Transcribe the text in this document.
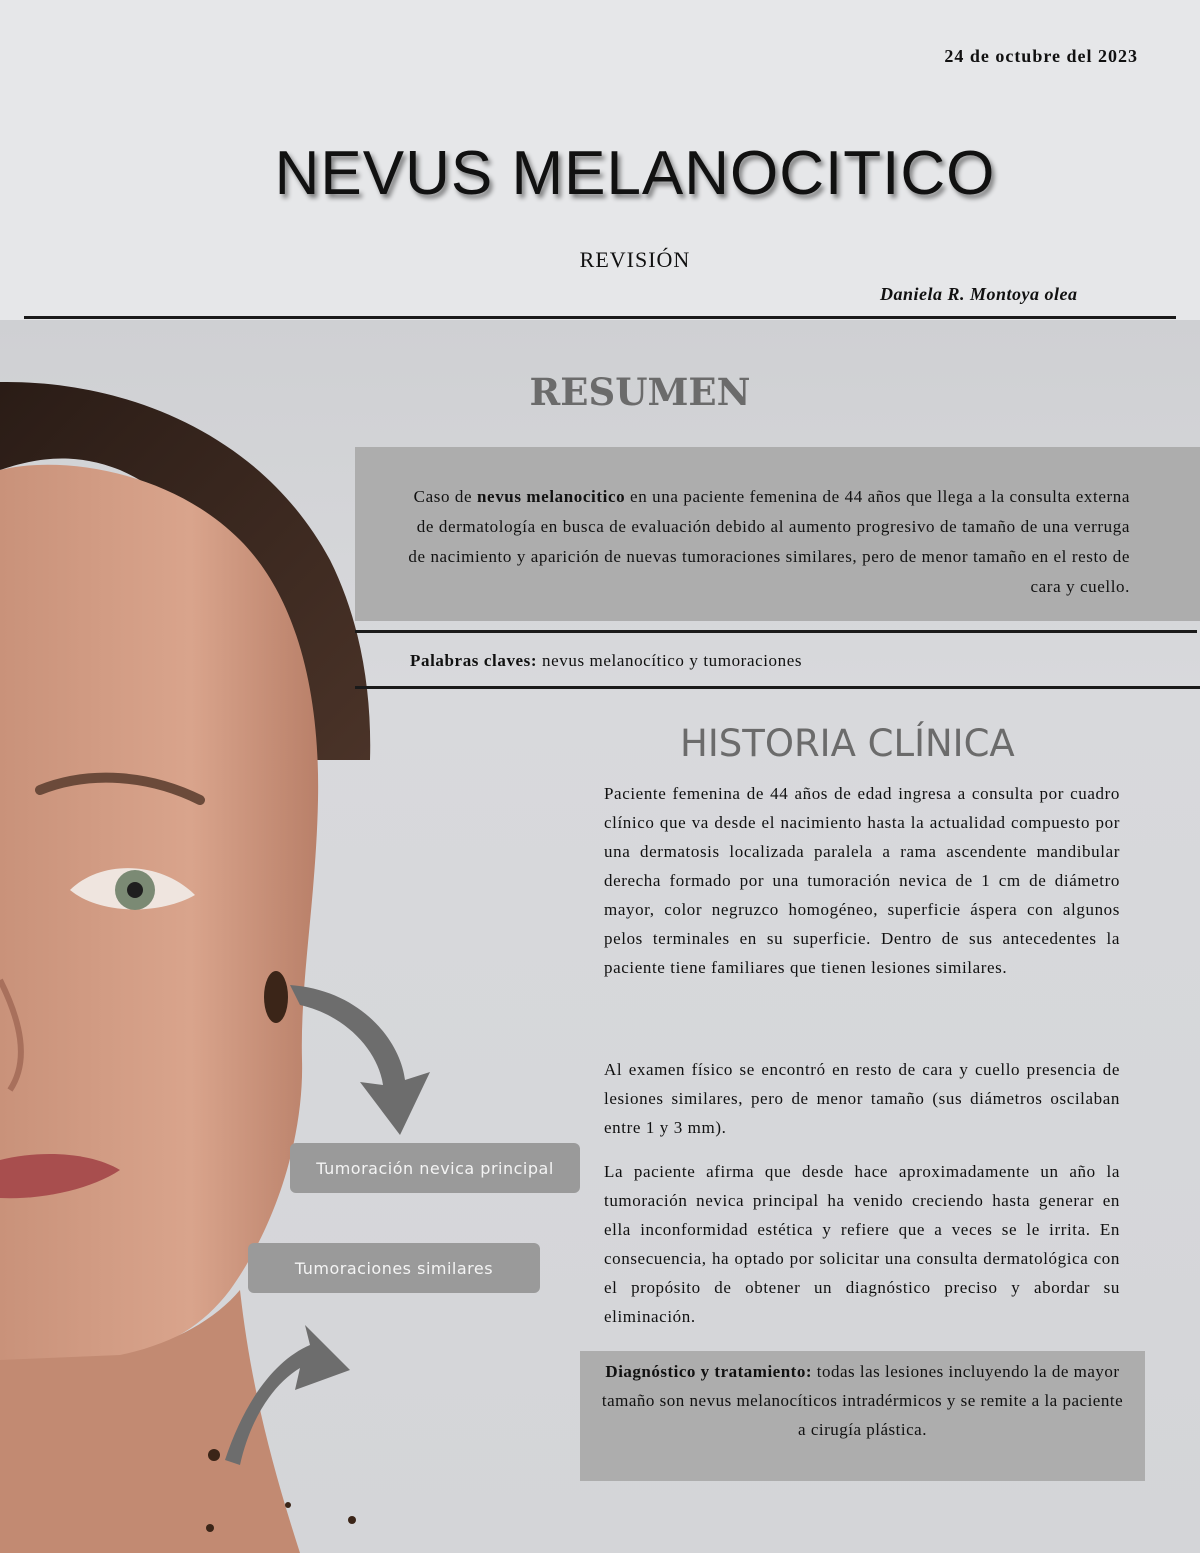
24 de octubre del 2023
NEVUS MELANOCITICO
REVISIÓN
Daniela R. Montoya olea
Tumoración nevica principal
Tumoraciones similares
RESUMEN
Caso de nevus melanocitico en una paciente femenina de 44 años que llega a la consulta externa de dermatología en busca de evaluación debido al aumento progresivo de tamaño de una verruga de nacimiento y aparición de nuevas tumoraciones similares, pero de menor tamaño en el resto de cara y cuello.
Palabras claves: nevus melanocítico y tumoraciones
HISTORIA CLÍNICA

Paciente femenina de 44 años de edad ingresa a consulta por cuadro clínico que va desde el nacimiento hasta la actualidad compuesto por una dermatosis localizada paralela a rama ascendente mandibular derecha formado por una tumoración nevica de 1 cm de diámetro mayor, color negruzco homogéneo, superficie áspera con algunos pelos terminales en su superficie. Dentro de sus antecedentes la paciente tiene familiares que tienen lesiones similares.

Al examen físico se encontró en resto de cara y cuello presencia de lesiones similares, pero de menor tamaño (sus diámetros oscilaban entre 1 y 3 mm).

La paciente afirma que desde hace aproximadamente un año la tumoración nevica principal ha venido creciendo hasta generar en ella inconformidad estética y refiere que a veces se le irrita. En consecuencia, ha optado por solicitar una consulta dermatológica con el propósito de obtener un diagnóstico preciso y abordar su eliminación.

Diagnóstico y tratamiento: todas las lesiones incluyendo la de mayor tamaño son nevus melanocíticos intradérmicos y se remite a la paciente a cirugía plástica.
